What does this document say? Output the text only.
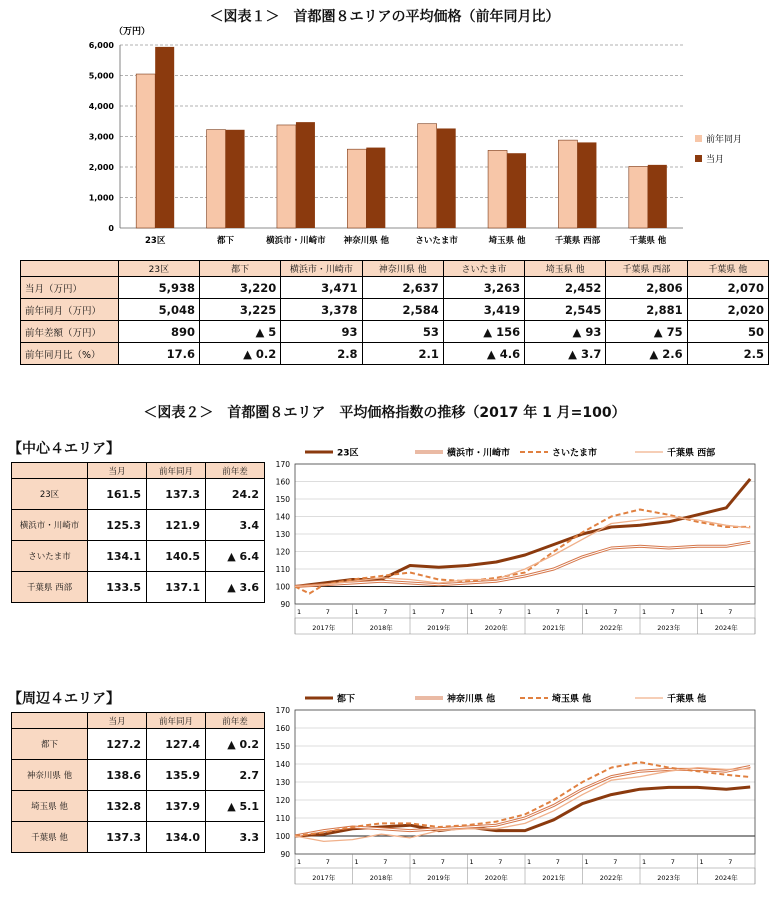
＜図表１＞　首都圏８エリアの平均価格（前年同月比）
（万円）
0
1,000
2,000
3,000
4,000
5,000
6,000
23区	都下	横浜市・川崎市 神奈川県 他	さいたま市	埼玉県 他	千葉県 西部	千葉県 他
前年同月
当月
	23区	都下	横浜市・川崎市	神奈川県 他	さいたま市	埼玉県 他	千葉県 西部	千葉県 他
当月（万円）	5,938	3,220	3,471	2,637	3,263	2,452	2,806	2,070
前年同月（万円）	5,048	3,225	3,378	2,584	3,419	2,545	2,881	2,020
前年差額（万円）	890	▲ 5	93	53	▲ 156	▲ 93	▲ 75	50
前年同月比（%）	17.6	▲ 0.2	2.8	2.1	▲ 4.6	▲ 3.7	▲ 2.6	2.5
＜図表２＞　首都圏８エリア　平均価格指数の推移（2017 年 1 月=100）
【中心４エリア】
	当月	前年同月	前年差
23区	161.5	137.3	24.2
横浜市・川崎市	125.3	121.9	3.4
さいたま市	134.1	140.5	▲ 6.4
千葉県 西部	133.5	137.1	▲ 3.6
90
100
110
120
130
140
150
160
170
1	7
2017年
1	7
2018年
1	7
2019年
1	7
2020年
1	7
2021年
1	7
2022年
1	7
2023年
1	7
2024年
23区	横浜市・川崎市	さいたま市	千葉県 西部
【周辺４エリア】
	当月	前年同月	前年差
都下	127.2	127.4	▲ 0.2
神奈川県 他	138.6	135.9	2.7
埼玉県 他	132.8	137.9	▲ 5.1
千葉県 他	137.3	134.0	3.3
90
100
110
120
130
140
150
160
170
1	7
2017年
1	7
2018年
1	7
2019年
1	7
2020年
1	7
2021年
1	7
2022年
1	7
2023年
1	7
2024年
都下	神奈川県 他	埼玉県 他	千葉県 他
